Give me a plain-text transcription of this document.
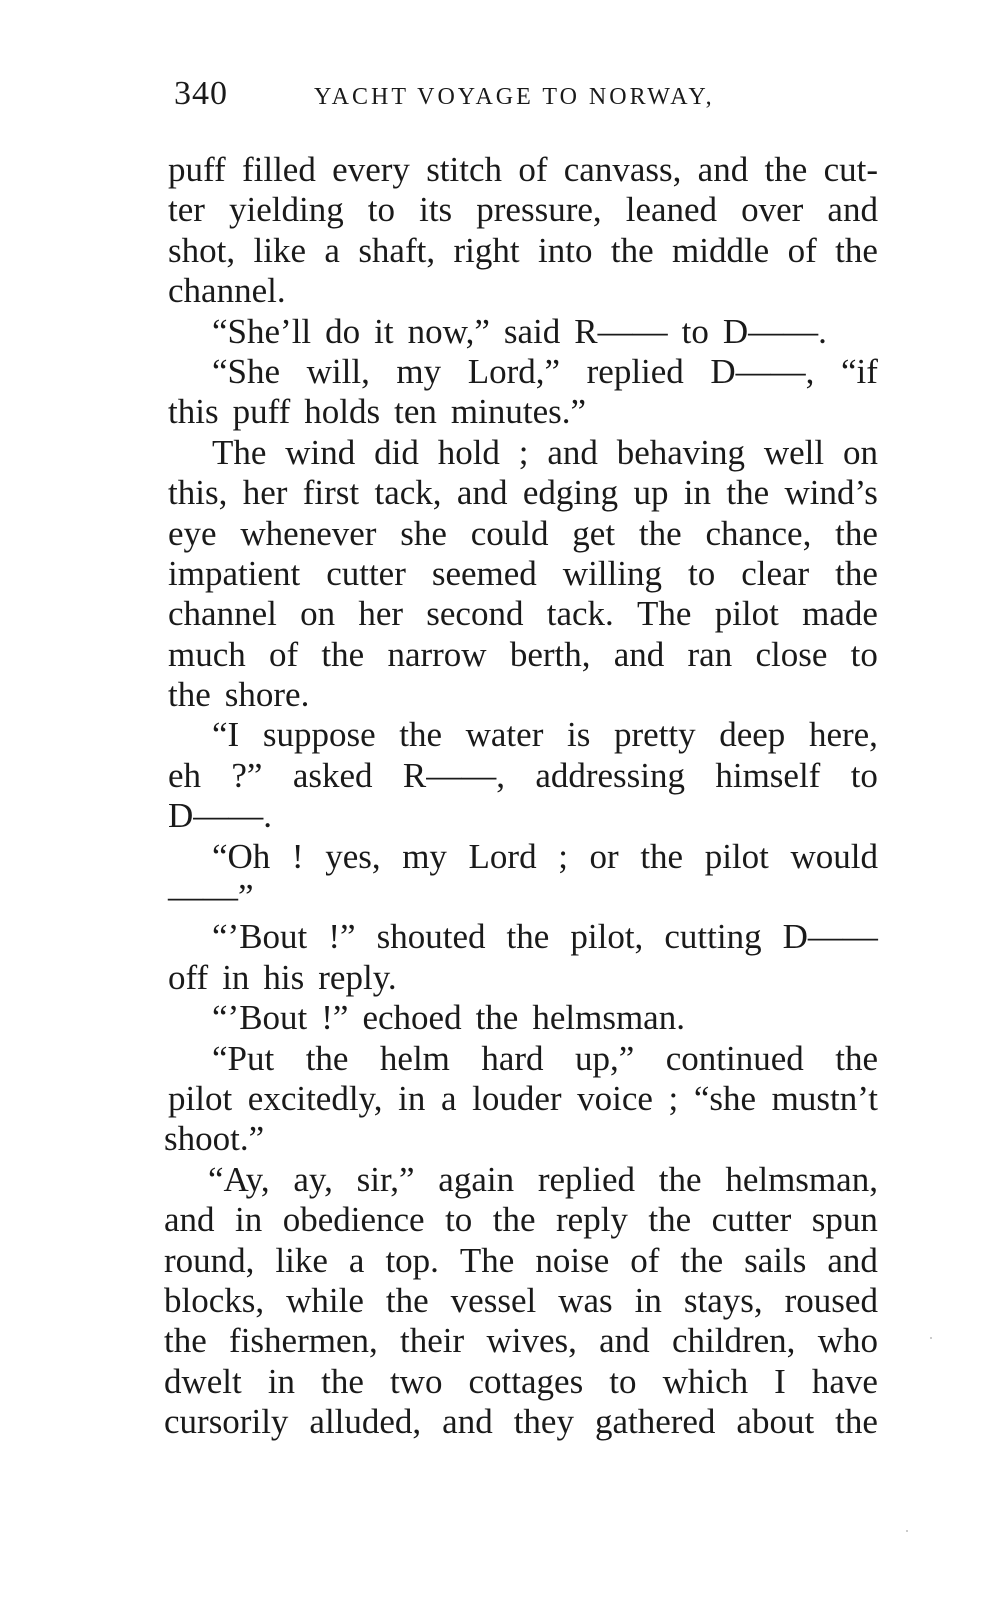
340	YACHT VOYAGE TO NORWAY,
puff filled every stitch of canvass, and the cut-
ter yielding to its pressure, leaned over and
shot, like a shaft, right into the middle of the
channel.
“She’ll do it now,” said R—— to D——.
“She will, my Lord,” replied D——, “if
this puff holds ten minutes.”
The wind did hold ; and behaving well on
this, her first tack, and edging up in the wind’s
eye whenever she could get the chance, the
impatient cutter seemed willing to clear the
channel on her second tack. The pilot made
much of the narrow berth, and ran close to
the shore.
“I suppose the water is pretty deep here,
eh ?” asked R——, addressing himself to
D——.
“Oh ! yes, my Lord ; or the pilot would
——”
“’Bout !” shouted the pilot, cutting D——
off in his reply.
“’Bout !” echoed the helmsman.
“Put the helm hard up,” continued the
pilot excitedly, in a louder voice ; “she mustn’t
shoot.”
“Ay, ay, sir,” again replied the helmsman,
and in obedience to the reply the cutter spun
round, like a top. The noise of the sails and
blocks, while the vessel was in stays, roused
the fishermen, their wives, and children, who
dwelt in the two cottages to which I have
cursorily alluded, and they gathered about the
